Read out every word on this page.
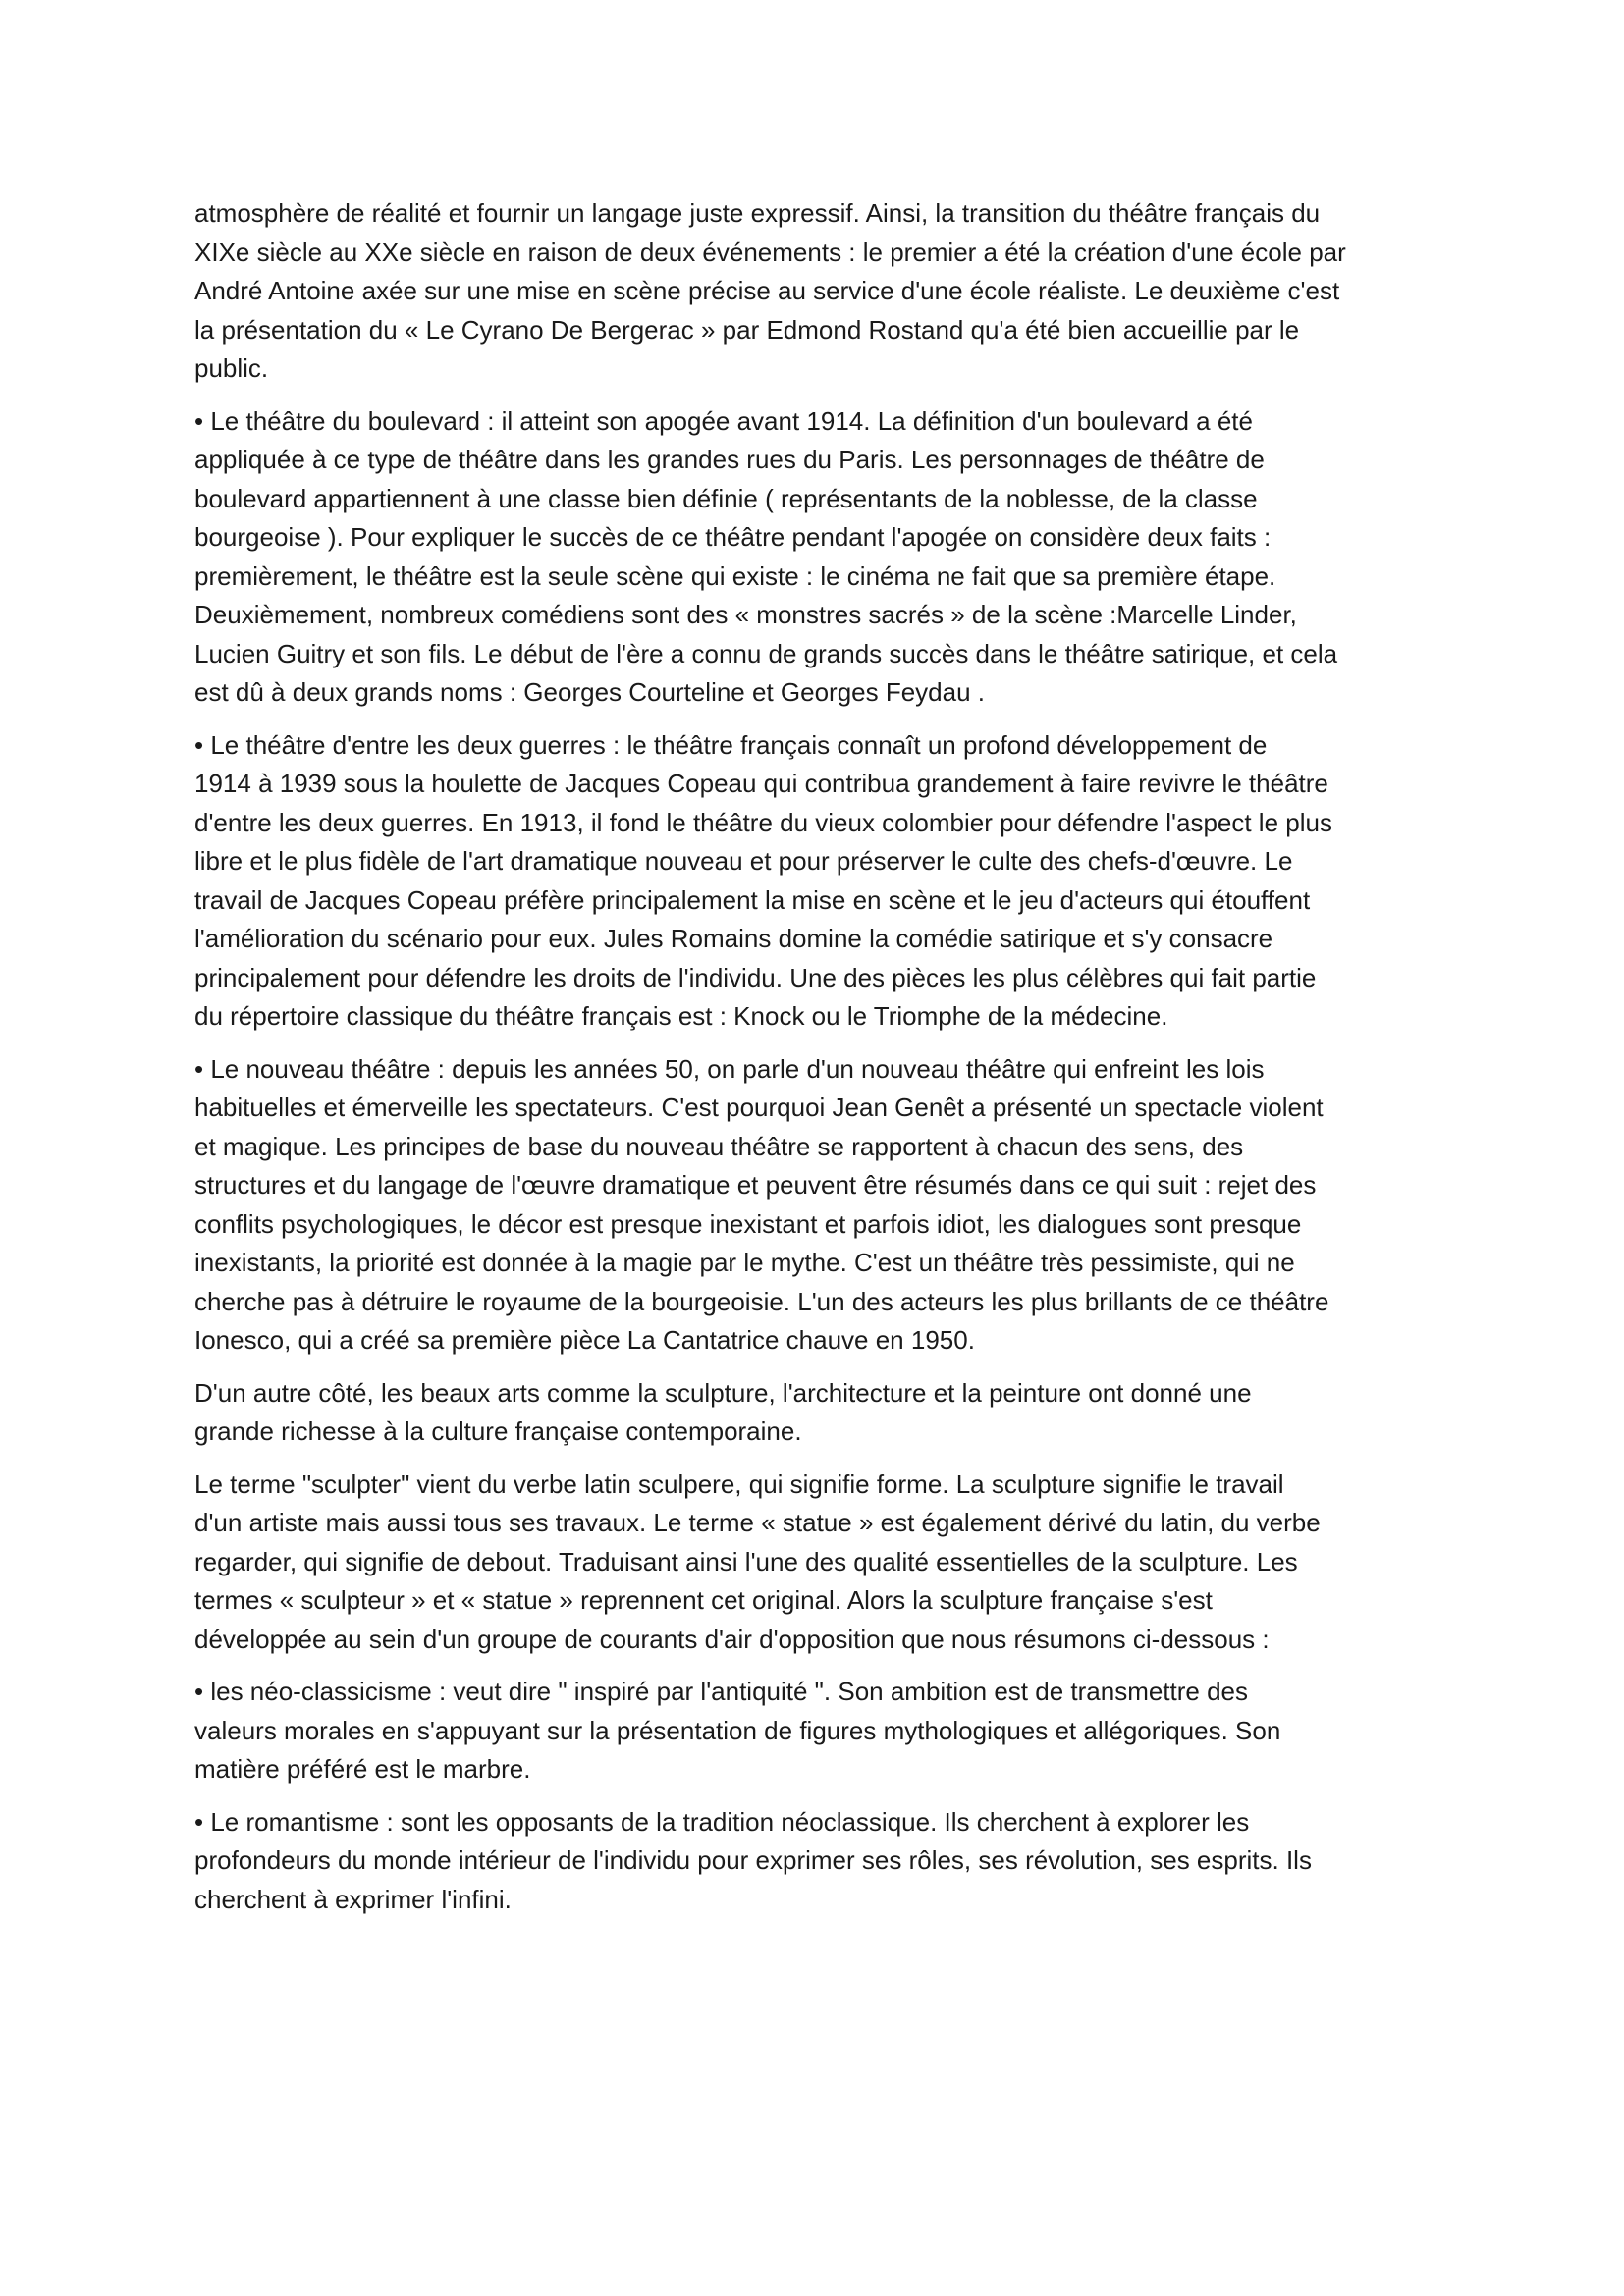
atmosphère de réalité et fournir un langage juste expressif. Ainsi, la transition du théâtre français du
XIXe siècle au XXe siècle en raison de deux événements : le premier a été la création d'une école par
André Antoine axée sur une mise en scène précise au service d'une école réaliste. Le deuxième c'est
la présentation du « Le Cyrano De Bergerac » par Edmond Rostand qu'a été bien accueillie par le
public.

• Le théâtre du boulevard : il atteint son apogée avant 1914. La définition d'un boulevard a été
appliquée à ce type de théâtre dans les grandes rues du Paris. Les personnages de théâtre de
boulevard appartiennent à une classe bien définie ( représentants de la noblesse, de la classe
bourgeoise ). Pour expliquer le succès de ce théâtre pendant l'apogée on considère deux faits :
premièrement, le théâtre est la seule scène qui existe : le cinéma ne fait que sa première étape.
Deuxièmement, nombreux comédiens sont des « monstres sacrés » de la scène :Marcelle Linder,
Lucien Guitry et son fils. Le début de l'ère a connu de grands succès dans le théâtre satirique, et cela
est dû à deux grands noms : Georges Courteline et Georges Feydau .

• Le théâtre d'entre les deux guerres : le théâtre français connaît un profond développement de
1914 à 1939 sous la houlette de Jacques Copeau qui contribua grandement à faire revivre le théâtre
d'entre les deux guerres. En 1913, il fond le théâtre du vieux colombier pour défendre l'aspect le plus
libre et le plus fidèle de l'art dramatique nouveau et pour préserver le culte des chefs-d'œuvre. Le
travail de Jacques Copeau préfère principalement la mise en scène et le jeu d'acteurs qui étouffent
l'amélioration du scénario pour eux. Jules Romains domine la comédie satirique et s'y consacre
principalement pour défendre les droits de l'individu. Une des pièces les plus célèbres qui fait partie
du répertoire classique du théâtre français est : Knock ou le Triomphe de la médecine.

• Le nouveau théâtre : depuis les années 50, on parle d'un nouveau théâtre qui enfreint les lois
habituelles et émerveille les spectateurs. C'est pourquoi Jean Genêt a présenté un spectacle violent
et magique. Les principes de base du nouveau théâtre se rapportent à chacun des sens, des
structures et du langage de l'œuvre dramatique et peuvent être résumés dans ce qui suit : rejet des
conflits psychologiques, le décor est presque inexistant et parfois idiot, les dialogues sont presque
inexistants, la priorité est donnée à la magie par le mythe. C'est un théâtre très pessimiste, qui ne
cherche pas à détruire le royaume de la bourgeoisie. L'un des acteurs les plus brillants de ce théâtre
Ionesco, qui a créé sa première pièce La Cantatrice chauve en 1950.

D'un autre côté, les beaux arts comme la sculpture, l'architecture et la peinture ont donné une
grande richesse à la culture française contemporaine.

Le terme "sculpter" vient du verbe latin sculpere, qui signifie forme. La sculpture signifie le travail
d'un artiste mais aussi tous ses travaux. Le terme « statue » est également dérivé du latin, du verbe
regarder, qui signifie de debout. Traduisant ainsi l'une des qualité essentielles de la sculpture. Les
termes « sculpteur » et « statue » reprennent cet original. Alors la sculpture française s'est
développée au sein d'un groupe de courants d'air d'opposition que nous résumons ci-dessous :

• les néo-classicisme : veut dire " inspiré par l'antiquité ". Son ambition est de transmettre des
valeurs morales en s'appuyant sur la présentation de figures mythologiques et allégoriques. Son
matière préféré est le marbre.

• Le romantisme : sont les opposants de la tradition néoclassique. Ils cherchent à explorer les
profondeurs du monde intérieur de l'individu pour exprimer ses rôles, ses révolution, ses esprits. Ils
cherchent à exprimer l'infini.
